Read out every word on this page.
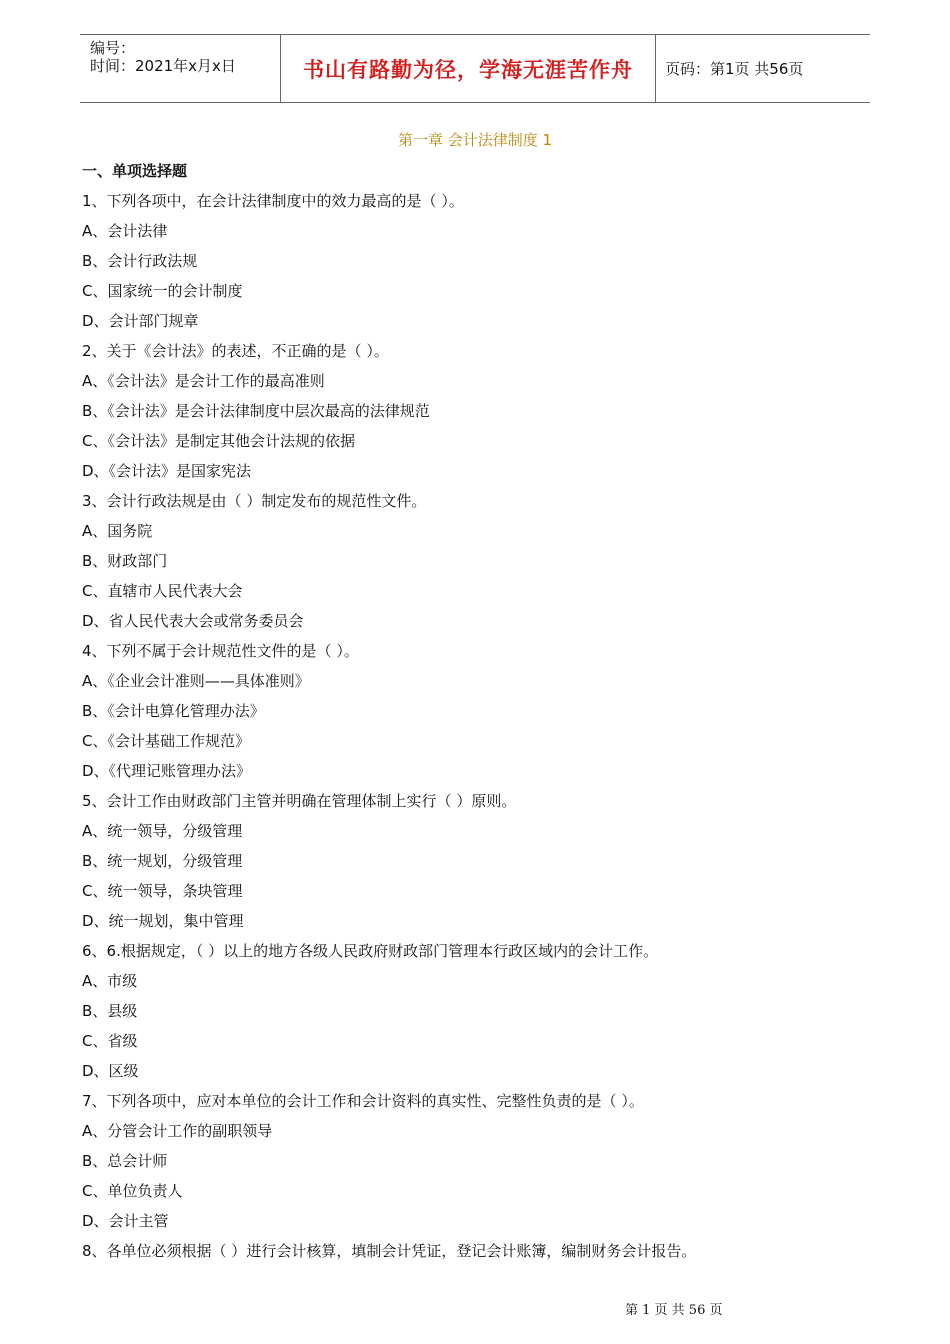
编号：
时间：2021年x月x日	书山有路勤为径，学海无涯苦作舟	页码：第1页 共56页
第一章 会计法律制度 1
一、单项选择题
1、下列各项中，在会计法律制度中的效力最高的是（ ）。
A、会计法律
B、会计行政法规
C、国家统一的会计制度
D、会计部门规章
2、关于《会计法》的表述，不正确的是（ ）。
A、《会计法》是会计工作的最高准则
B、《会计法》是会计法律制度中层次最高的法律规范
C、《会计法》是制定其他会计法规的依据
D、《会计法》是国家宪法
3、会计行政法规是由（ ）制定发布的规范性文件。
A、国务院
B、财政部门
C、直辖市人民代表大会
D、省人民代表大会或常务委员会
4、下列不属于会计规范性文件的是（ ）。
A、《企业会计准则——具体准则》
B、《会计电算化管理办法》
C、《会计基础工作规范》
D、《代理记账管理办法》
5、会计工作由财政部门主管并明确在管理体制上实行（ ）原则。
A、统一领导，分级管理
B、统一规划，分级管理
C、统一领导，条块管理
D、统一规划，集中管理
6、6.根据规定，（ ）以上的地方各级人民政府财政部门管理本行政区域内的会计工作。
A、市级
B、县级
C、省级
D、区级
7、下列各项中，应对本单位的会计工作和会计资料的真实性、完整性负责的是（ ）。
A、分管会计工作的副职领导
B、总会计师
C、单位负责人
D、会计主管
8、各单位必须根据（ ）进行会计核算，填制会计凭证，登记会计账簿，编制财务会计报告。
第 1 页 共 56 页
